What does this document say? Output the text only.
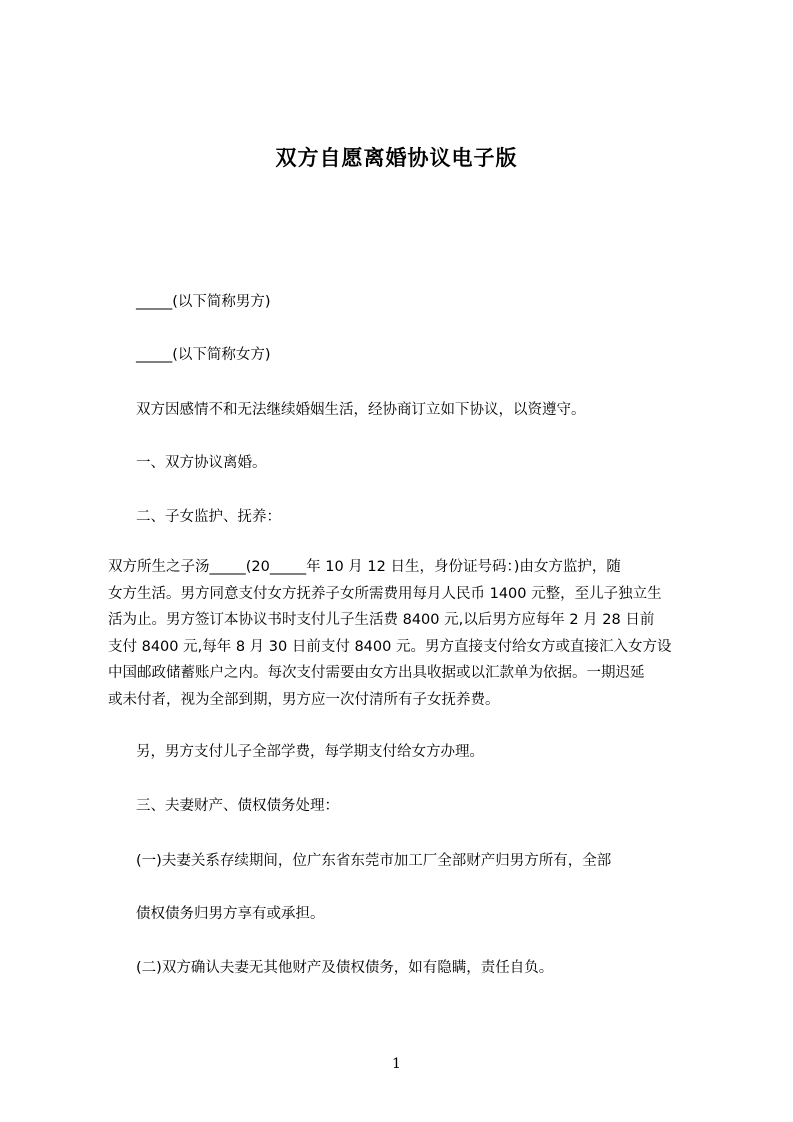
双方自愿离婚协议电子版
_____(以下简称男方)
_____(以下简称女方)
双方因感情不和无法继续婚姻生活，经协商订立如下协议，以资遵守。
一、双方协议离婚。
二、子女监护、抚养：
双方所生之子汤_____(20_____年 10 月 12 日生，身份证号码：)由女方监护，随
女方生活。男方同意支付女方抚养子女所需费用每月人民币 1400 元整，至儿子独立生
活为止。男方签订本协议书时支付儿子生活费 8400 元,以后男方应每年 2 月 28 日前
支付 8400 元,每年 8 月 30 日前支付 8400 元。男方直接支付给女方或直接汇入女方设
中国邮政储蓄账户之内。每次支付需要由女方出具收据或以汇款单为依据。一期迟延
或未付者，视为全部到期，男方应一次付清所有子女抚养费。
另，男方支付儿子全部学费，每学期支付给女方办理。
三、夫妻财产、债权债务处理：
(一)夫妻关系存续期间，位广东省东莞市加工厂全部财产归男方所有，全部
债权债务归男方享有或承担。
(二)双方确认夫妻无其他财产及债权债务，如有隐瞒，责任自负。
1
